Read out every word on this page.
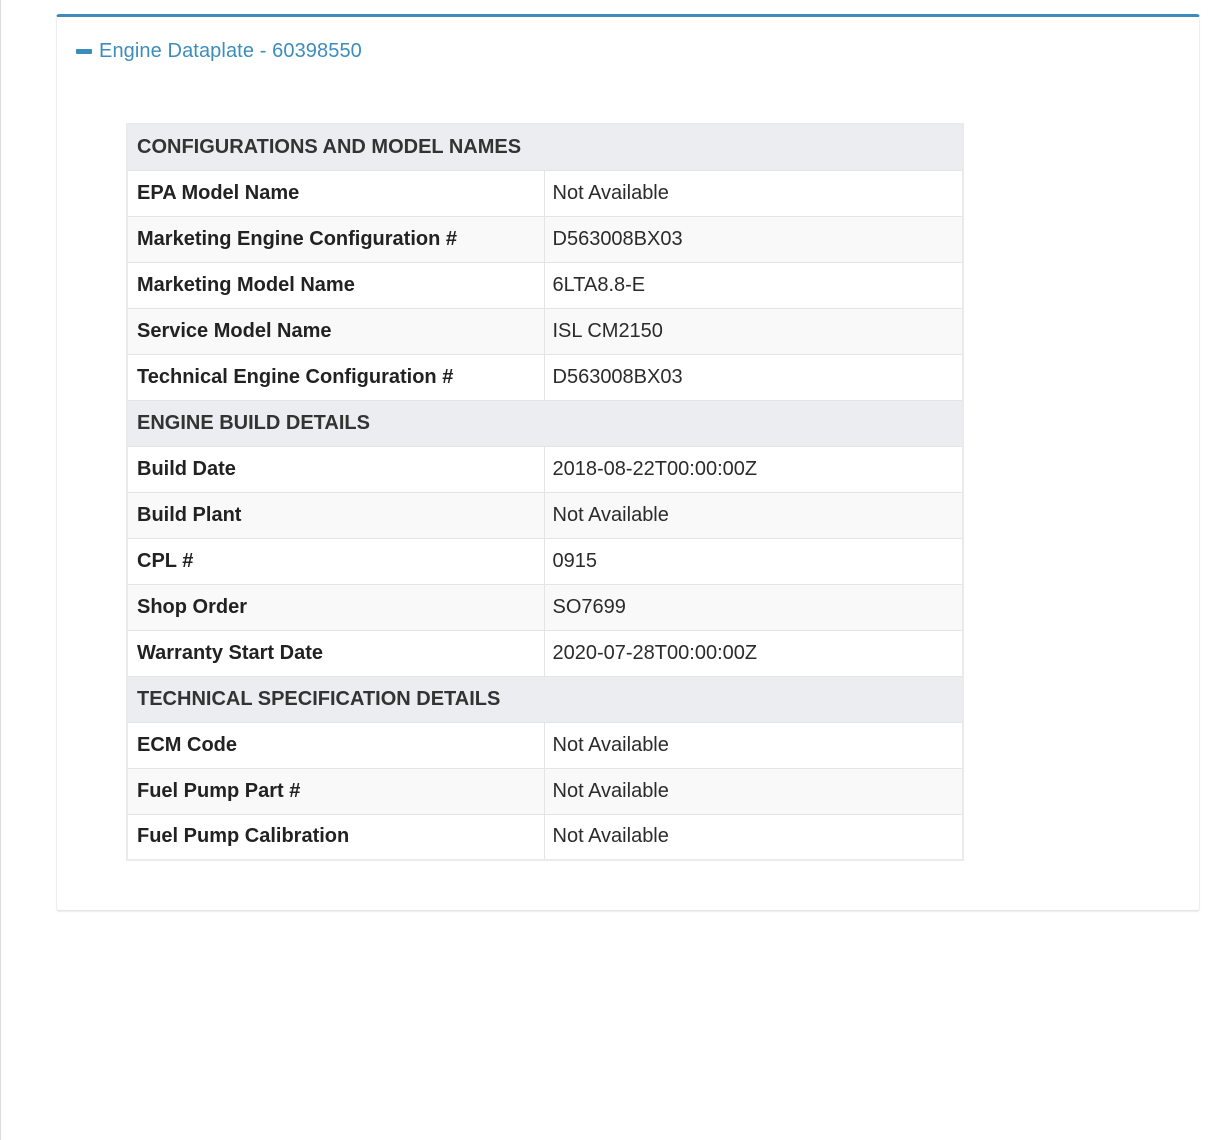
Engine Dataplate - 60398550
CONFIGURATIONS AND MODEL NAMES	
EPA Model Name	Not Available
Marketing Engine Configuration #	D563008BX03
Marketing Model Name	6LTA8.8-E
Service Model Name	ISL CM2150
Technical Engine Configuration #	D563008BX03
ENGINE BUILD DETAILS	
Build Date	2018-08-22T00:00:00Z
Build Plant	Not Available
CPL #	0915
Shop Order	SO7699
Warranty Start Date	2020-07-28T00:00:00Z
TECHNICAL SPECIFICATION DETAILS	
ECM Code	Not Available
Fuel Pump Part #	Not Available
Fuel Pump Calibration	Not Available
